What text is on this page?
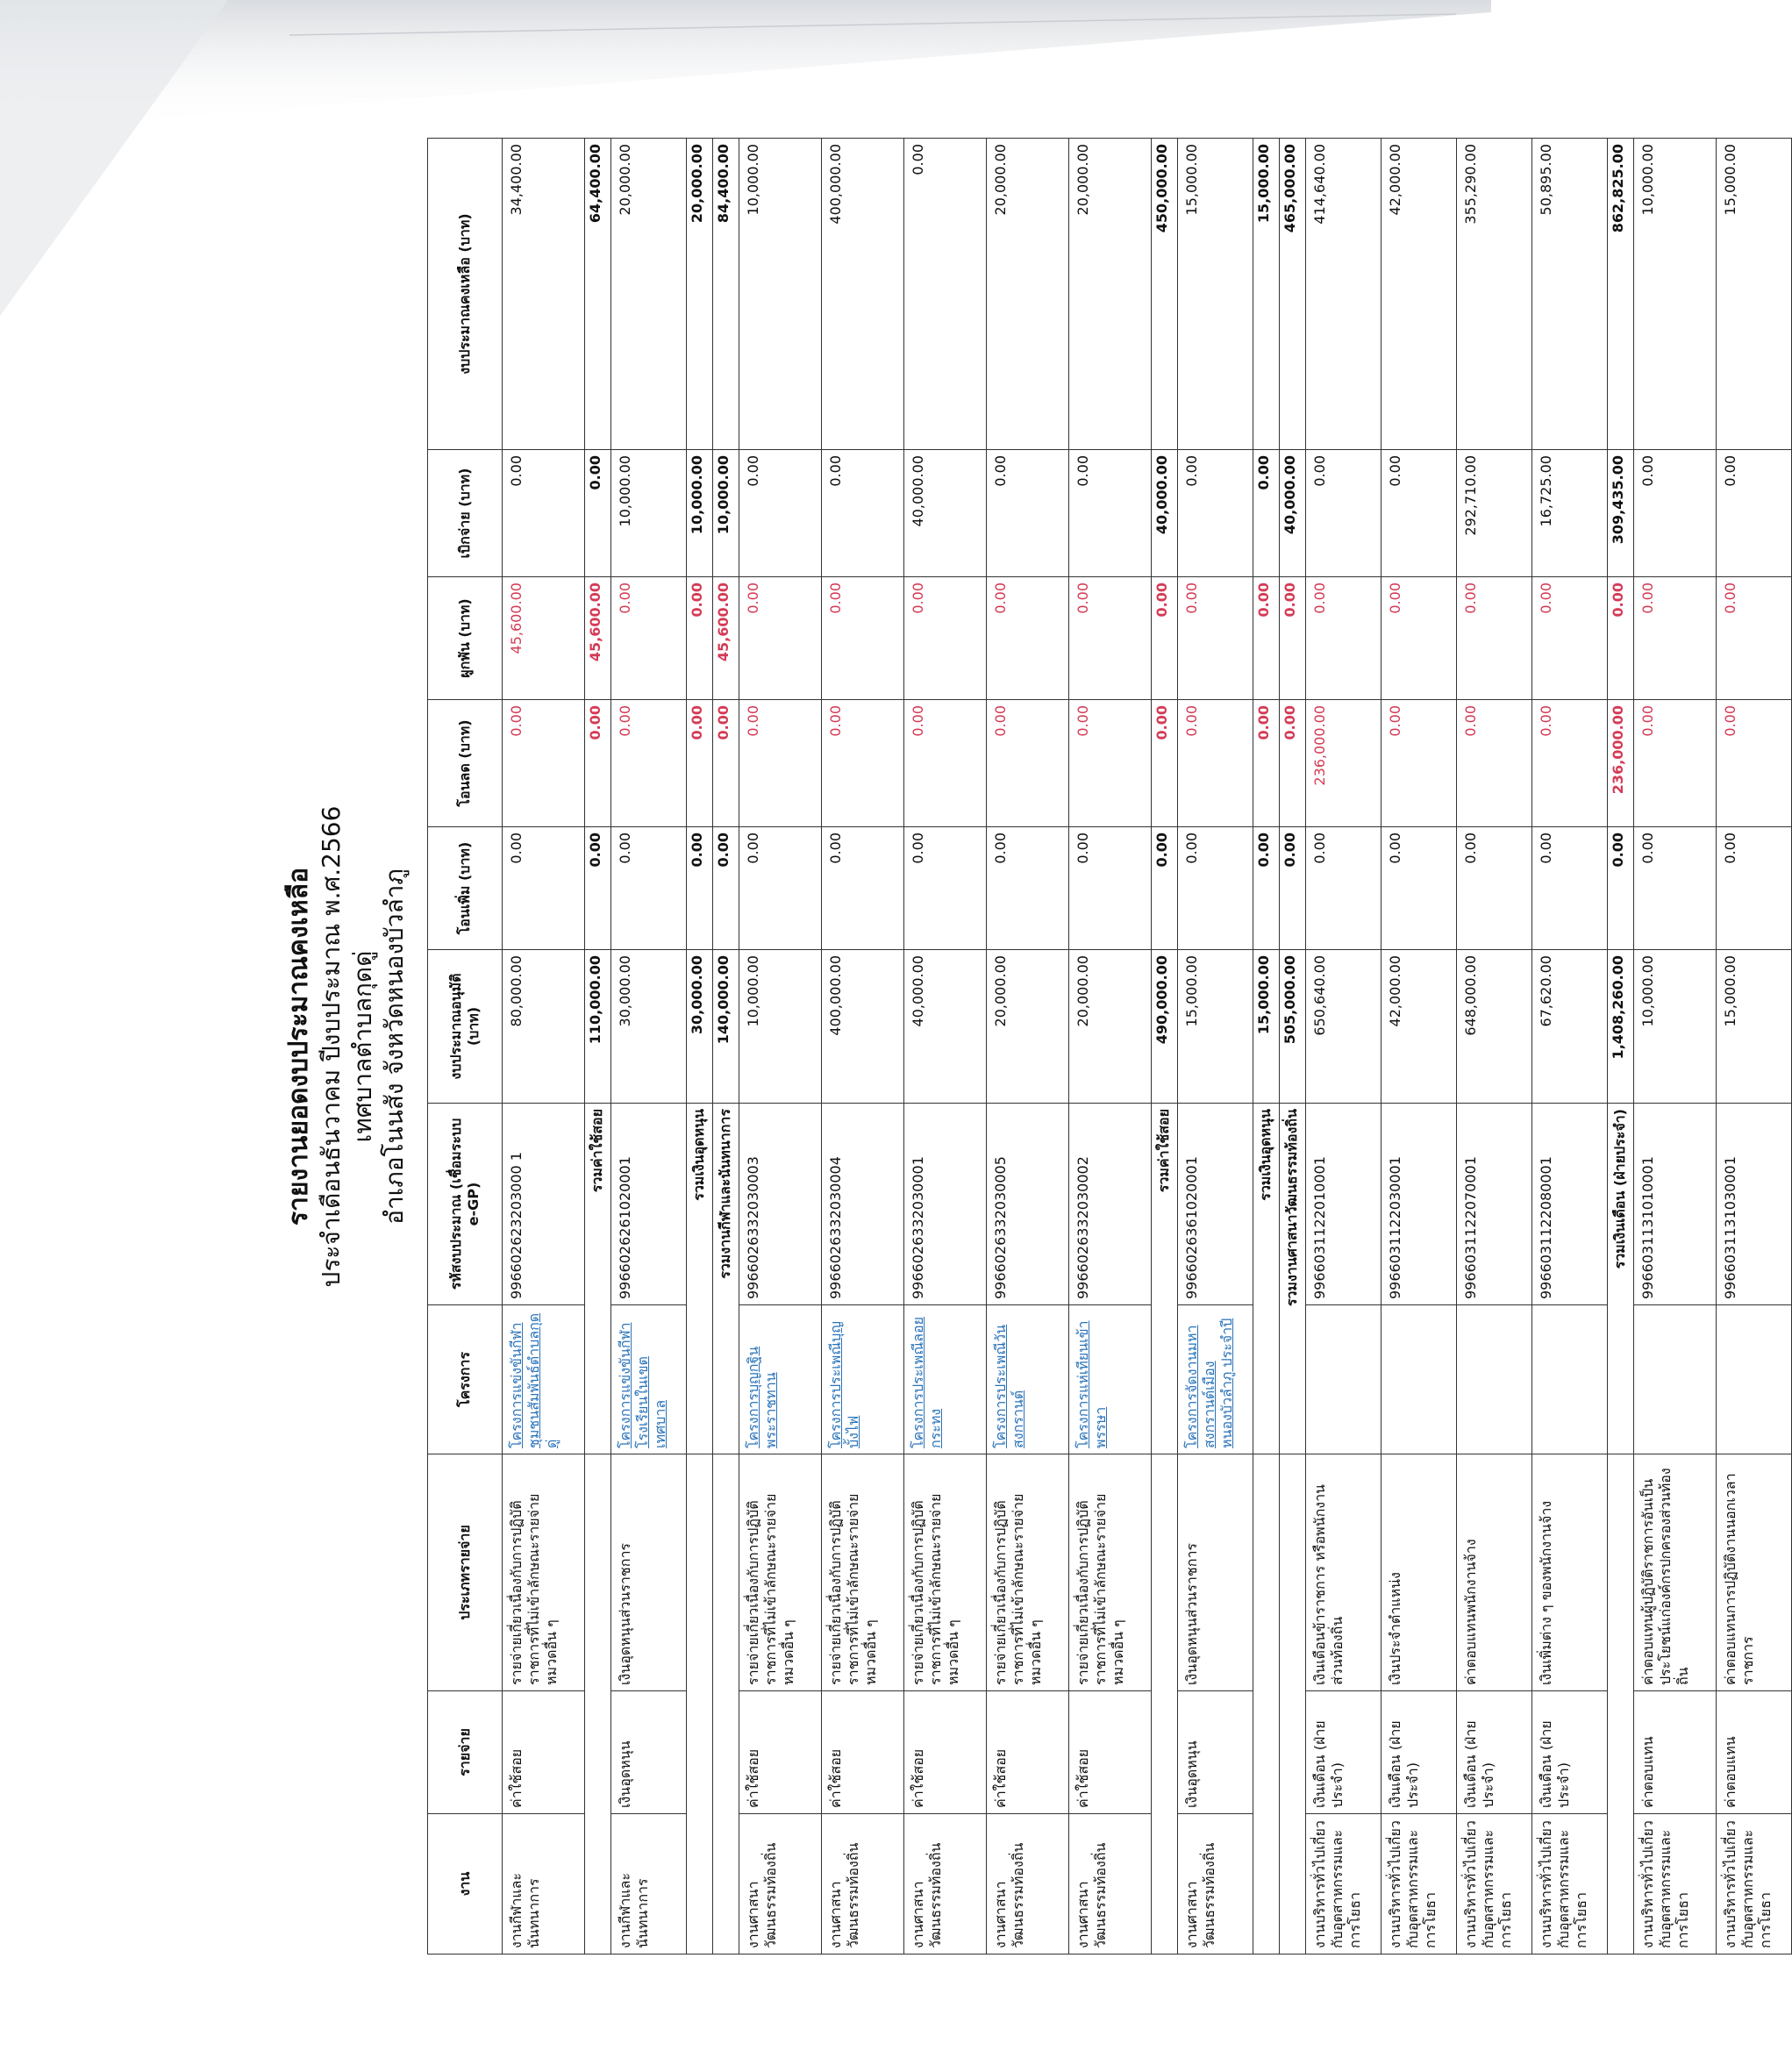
รายงานยอดงบประมาณคงเหลือ ประจำเดือนธันวาคม ปีงบประมาณ พ.ศ.2566 เทศบาลตำบลกุดดู่ อำเภอโนนสัง จังหวัดหนองบัวลำภู
งาน	รายจ่าย	ประเภทรายจ่าย	โครงการ	รหัสงบประมาณ (เชื่อมระบบ e-GP)	งบประมาณอนุมัติ (บาท)	โอนเพิ่ม (บาท)	โอนลด (บาท)	ผูกพัน (บาท)	เบิกจ่าย (บาท)	งบประมาณคงเหลือ (บาท)
งานกีฬาและนันทนาการ	ค่าใช้สอย	รายจ่ายเกี่ยวเนื่องกับการปฏิบัติราชการที่ไม่เข้าลักษณะรายจ่ายหมวดอื่น ๆ	โครงการแข่งขันกีฬาชุมชนสัมพันธ์ตำบลกุดดู่	996602623203000 1	80,000.00	0.00	0.00	45,600.00	0.00	34,400.00
			รวมค่าใช้สอย		110,000.00	0.00	0.00	45,600.00	0.00	64,400.00
งานกีฬาและนันทนาการ	เงินอุดหนุน	เงินอุดหนุนส่วนราชการ	โครงการแข่งขันกีฬาโรงเรียนในเขตเทศบาล	9966026261020001	30,000.00	0.00	0.00	0.00	10,000.00	20,000.00
			รวมเงินอุดหนุน		30,000.00	0.00	0.00	0.00	10,000.00	20,000.00
			รวมงานกีฬาและนันทนาการ		140,000.00	0.00	0.00	45,600.00	10,000.00	84,400.00
งานศาสนาวัฒนธรรมท้องถิ่น	ค่าใช้สอย	รายจ่ายเกี่ยวเนื่องกับการปฏิบัติราชการที่ไม่เข้าลักษณะรายจ่ายหมวดอื่น ๆ	โครงการบุญกฐินพระราชทาน	9966026332030003	10,000.00	0.00	0.00	0.00	0.00	10,000.00
งานศาสนาวัฒนธรรมท้องถิ่น	ค่าใช้สอย	รายจ่ายเกี่ยวเนื่องกับการปฏิบัติราชการที่ไม่เข้าลักษณะรายจ่ายหมวดอื่น ๆ	โครงการประเพณีบุญบั้งไฟ	9966026332030004	400,000.00	0.00	0.00	0.00	0.00	400,000.00
งานศาสนาวัฒนธรรมท้องถิ่น	ค่าใช้สอย	รายจ่ายเกี่ยวเนื่องกับการปฏิบัติราชการที่ไม่เข้าลักษณะรายจ่ายหมวดอื่น ๆ	โครงการประเพณีลอยกระทง	9966026332030001	40,000.00	0.00	0.00	0.00	40,000.00	0.00
งานศาสนาวัฒนธรรมท้องถิ่น	ค่าใช้สอย	รายจ่ายเกี่ยวเนื่องกับการปฏิบัติราชการที่ไม่เข้าลักษณะรายจ่ายหมวดอื่น ๆ	โครงการประเพณีวันสงกรานต์	9966026332030005	20,000.00	0.00	0.00	0.00	0.00	20,000.00
งานศาสนาวัฒนธรรมท้องถิ่น	ค่าใช้สอย	รายจ่ายเกี่ยวเนื่องกับการปฏิบัติราชการที่ไม่เข้าลักษณะรายจ่ายหมวดอื่น ๆ	โครงการแห่เทียนเข้าพรรษา	9966026332030002	20,000.00	0.00	0.00	0.00	0.00	20,000.00
			รวมค่าใช้สอย		490,000.00	0.00	0.00	0.00	40,000.00	450,000.00
งานศาสนาวัฒนธรรมท้องถิ่น	เงินอุดหนุน	เงินอุดหนุนส่วนราชการ	โครงการจัดงานมหาสงกรานต์เมืองหนองบัวลำภู ประจำปี	9966026361020001	15,000.00	0.00	0.00	0.00	0.00	15,000.00
			รวมเงินอุดหนุน		15,000.00	0.00	0.00	0.00	0.00	15,000.00
			รวมงานศาสนาวัฒนธรรมท้องถิ่น		505,000.00	0.00	0.00	0.00	40,000.00	465,000.00
งานบริหารทั่วไปเกี่ยวกับอุตสาหกรรมและการโยธา	เงินเดือน (ฝ่ายประจำ)	เงินเดือนข้าราชการ หรือพนักงานส่วนท้องถิ่น		9966031122010001	650,640.00	0.00	236,000.00	0.00	0.00	414,640.00
งานบริหารทั่วไปเกี่ยวกับอุตสาหกรรมและการโยธา	เงินเดือน (ฝ่ายประจำ)	เงินประจำตำแหน่ง		9966031122030001	42,000.00	0.00	0.00	0.00	0.00	42,000.00
งานบริหารทั่วไปเกี่ยวกับอุตสาหกรรมและการโยธา	เงินเดือน (ฝ่ายประจำ)	ค่าตอบแทนพนักงานจ้าง		9966031122070001	648,000.00	0.00	0.00	0.00	292,710.00	355,290.00
งานบริหารทั่วไปเกี่ยวกับอุตสาหกรรมและการโยธา	เงินเดือน (ฝ่ายประจำ)	เงินเพิ่มต่าง ๆ ของพนักงานจ้าง		9966031122080001	67,620.00	0.00	0.00	0.00	16,725.00	50,895.00
			รวมเงินเดือน (ฝ่ายประจำ)		1,408,260.00	0.00	236,000.00	0.00	309,435.00	862,825.00
งานบริหารทั่วไปเกี่ยวกับอุตสาหกรรมและการโยธา	ค่าตอบแทน	ค่าตอบแทนผู้ปฏิบัติราชการอันเป็นประโยชน์แก่องค์กรปกครองส่วนท้องถิ่น		9966031131010001	10,000.00	0.00	0.00	0.00	0.00	10,000.00
งานบริหารทั่วไปเกี่ยวกับอุตสาหกรรมและการโยธา	ค่าตอบแทน	ค่าตอบแทนการปฏิบัติงานนอกเวลาราชการ		9966031131030001	15,000.00	0.00	0.00	0.00	0.00	15,000.00
